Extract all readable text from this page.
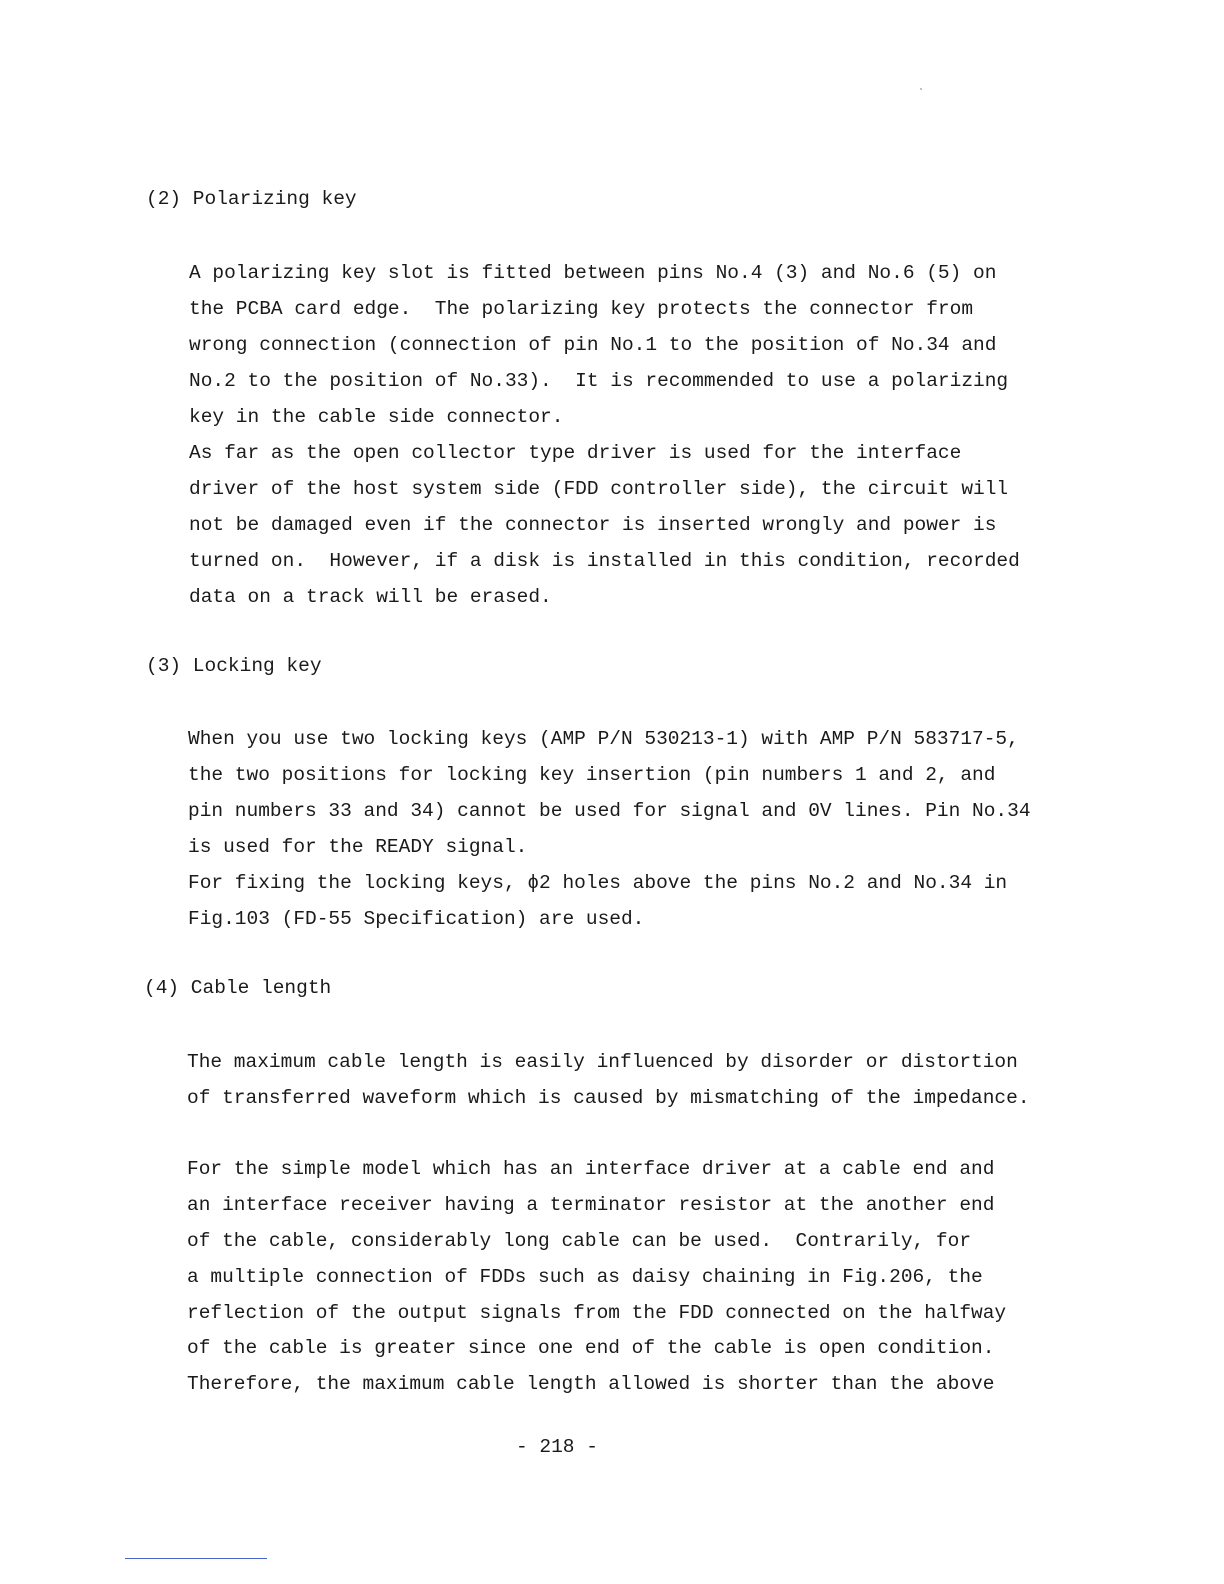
(2) Polarizing key
A polarizing key slot is fitted between pins No.4 (3) and No.6 (5) on
the PCBA card edge.  The polarizing key protects the connector from
wrong connection (connection of pin No.1 to the position of No.34 and
No.2 to the position of No.33).  It is recommended to use a polarizing
key in the cable side connector.
As far as the open collector type driver is used for the interface
driver of the host system side (FDD controller side), the circuit will
not be damaged even if the connector is inserted wrongly and power is
turned on.  However, if a disk is installed in this condition, recorded
data on a track will be erased.
(3) Locking key
When you use two locking keys (AMP P/N 530213-1) with AMP P/N 583717-5,
the two positions for locking key insertion (pin numbers 1 and 2, and
pin numbers 33 and 34) cannot be used for signal and 0V lines. Pin No.34
is used for the READY signal.
For fixing the locking keys, ϕ2 holes above the pins No.2 and No.34 in
Fig.103 (FD-55 Specification) are used.
(4) Cable length
The maximum cable length is easily influenced by disorder or distortion
of transferred waveform which is caused by mismatching of the impedance.
For the simple model which has an interface driver at a cable end and
an interface receiver having a terminator resistor at the another end
of the cable, considerably long cable can be used.  Contrarily, for
a multiple connection of FDDs such as daisy chaining in Fig.206, the
reflection of the output signals from the FDD connected on the halfway
of the cable is greater since one end of the cable is open condition.
Therefore, the maximum cable length allowed is shorter than the above
- 218 -
